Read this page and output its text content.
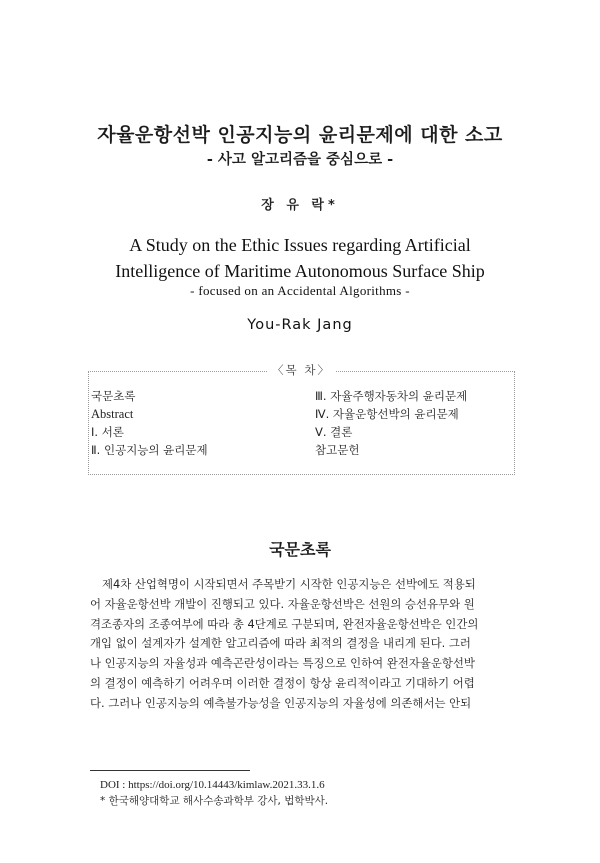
자율운항선박 인공지능의 윤리문제에 대한 소고
- 사고 알고리즘을 중심으로 -
장 유 락*
A Study on the Ethic Issues regarding Artificial
Intelligence of Maritime Autonomous Surface Ship
- focused on an Accidental Algorithms -
You-Rak Jang
〈목 차〉
국문초록
Abstract
Ⅰ. 서론
Ⅱ. 인공지능의 윤리문제
Ⅲ. 자율주행자동차의 윤리문제
Ⅳ. 자율운항선박의 윤리문제
Ⅴ. 결론
참고문헌
국문초록
제4차 산업혁명이 시작되면서 주목받기 시작한 인공지능은 선박에도 적용되
어 자율운항선박 개발이 진행되고 있다. 자율운항선박은 선원의 승선유무와 원
격조종자의 조종여부에 따라 총 4단계로 구분되며, 완전자율운항선박은 인간의
개입 없이 설계자가 설계한 알고리즘에 따라 최적의 결정을 내리게 된다. 그러
나 인공지능의 자율성과 예측곤란성이라는 특징으로 인하여 완전자율운항선박
의 결정이 예측하기 어려우며 이러한 결정이 항상 윤리적이라고 기대하기 어렵
다. 그러나 인공지능의 예측불가능성을 인공지능의 자율성에 의존해서는 안되
DOI : https://doi.org/10.14443/kimlaw.2021.33.1.6
* 한국해양대학교 해사수송과학부 강사, 법학박사.
